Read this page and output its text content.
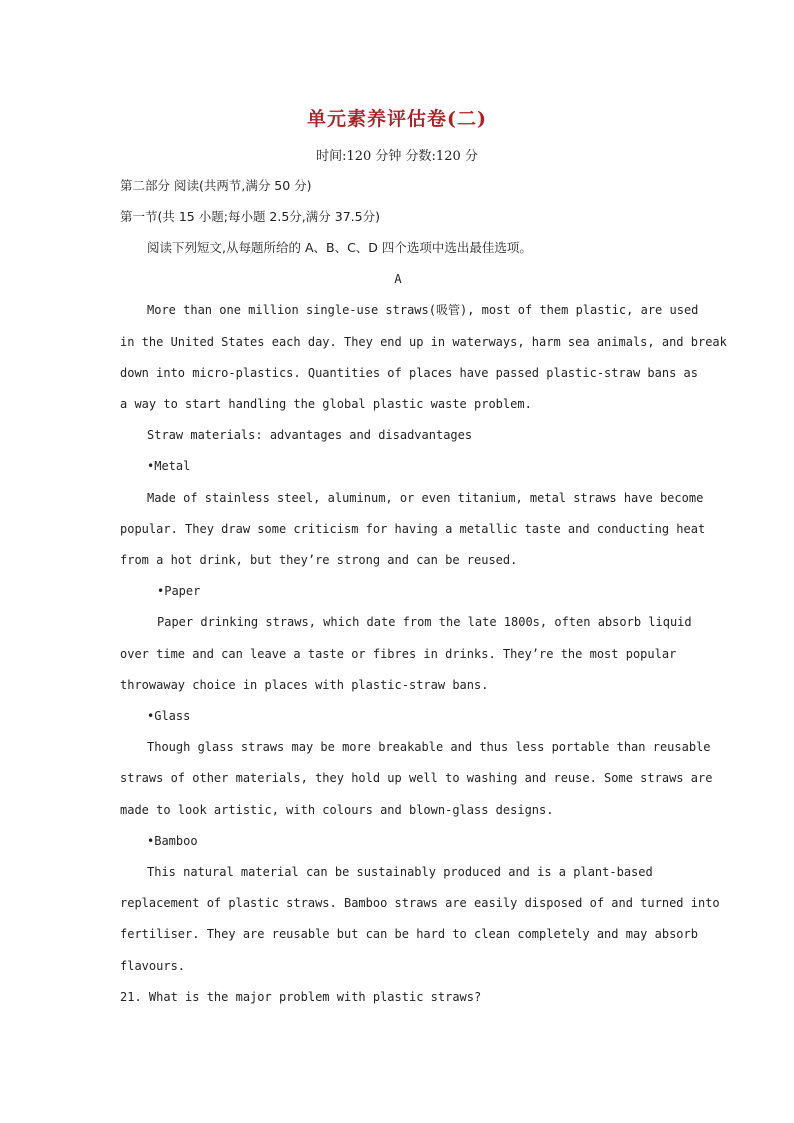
单元素养评估卷(二)
时间:120 分钟 分数:120 分
第二部分 阅读(共两节,满分 50 分)
第一节(共 15 小题;每小题 2.5分,满分 37.5分)
阅读下列短文,从每题所给的 A、B、C、D 四个选项中选出最佳选项。
A
More than one million single-use straws(吸管), most of them plastic, are used
in the United States each day. They end up in waterways, harm sea animals, and break
down into micro-plastics. Quantities of places have passed plastic-straw bans as
a way to start handling the global plastic waste problem.
Straw materials: advantages and disadvantages
•Metal
Made of stainless steel, aluminum, or even titanium, metal straws have become
popular. They draw some criticism for having a metallic taste and conducting heat
from a hot drink, but they’re strong and can be reused.
•Paper
Paper drinking straws, which date from the late 1800s, often absorb liquid
over time and can leave a taste or fibres in drinks. They’re the most popular
throwaway choice in places with plastic-straw bans.
•Glass
Though glass straws may be more breakable and thus less portable than reusable
straws of other materials, they hold up well to washing and reuse. Some straws are
made to look artistic, with colours and blown-glass designs.
•Bamboo
This natural material can be sustainably produced and is a plant-based
replacement of plastic straws. Bamboo straws are easily disposed of and turned into
fertiliser. They are reusable but can be hard to clean completely and may absorb
flavours.
21. What is the major problem with plastic straws?
